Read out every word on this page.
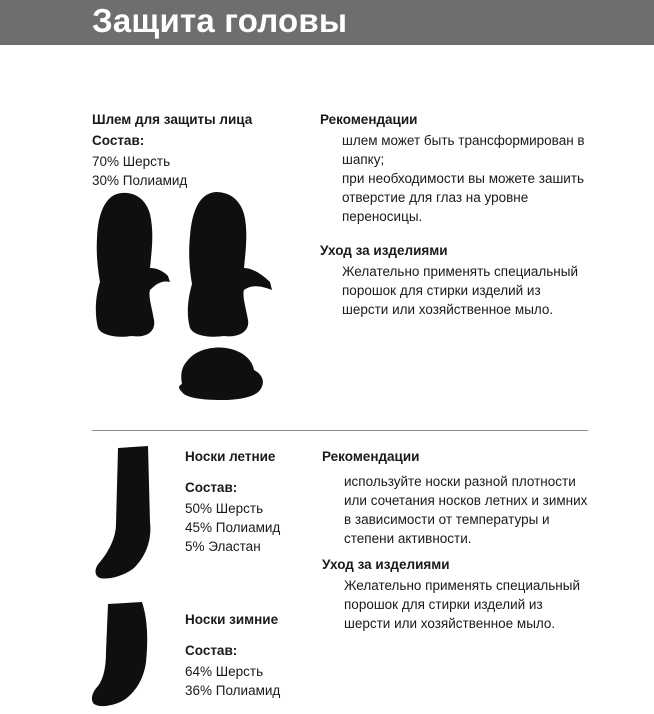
Защита головы
Шлем для защиты лица
Состав:
70% Шерсть
30% Полиамид
Рекомендации
шлем может быть трансформирован в
шапку;
при необходимости вы можете зашить
отверстие для глаз на уровне
переносицы.
Уход за изделиями
Желательно применять специальный
порошок для стирки изделий из
шерсти или хозяйственное мыло.
Носки летние
Состав:
50% Шерсть
45% Полиамид
5% Эластан
Носки зимние
Состав:
64% Шерсть
36% Полиамид
Рекомендации
используйте носки разной плотности
или сочетания носков летних и зимних
в зависимости от температуры и
степени активности.
Уход за изделиями
Желательно применять специальный
порошок для стирки изделий из
шерсти или хозяйственное мыло.
